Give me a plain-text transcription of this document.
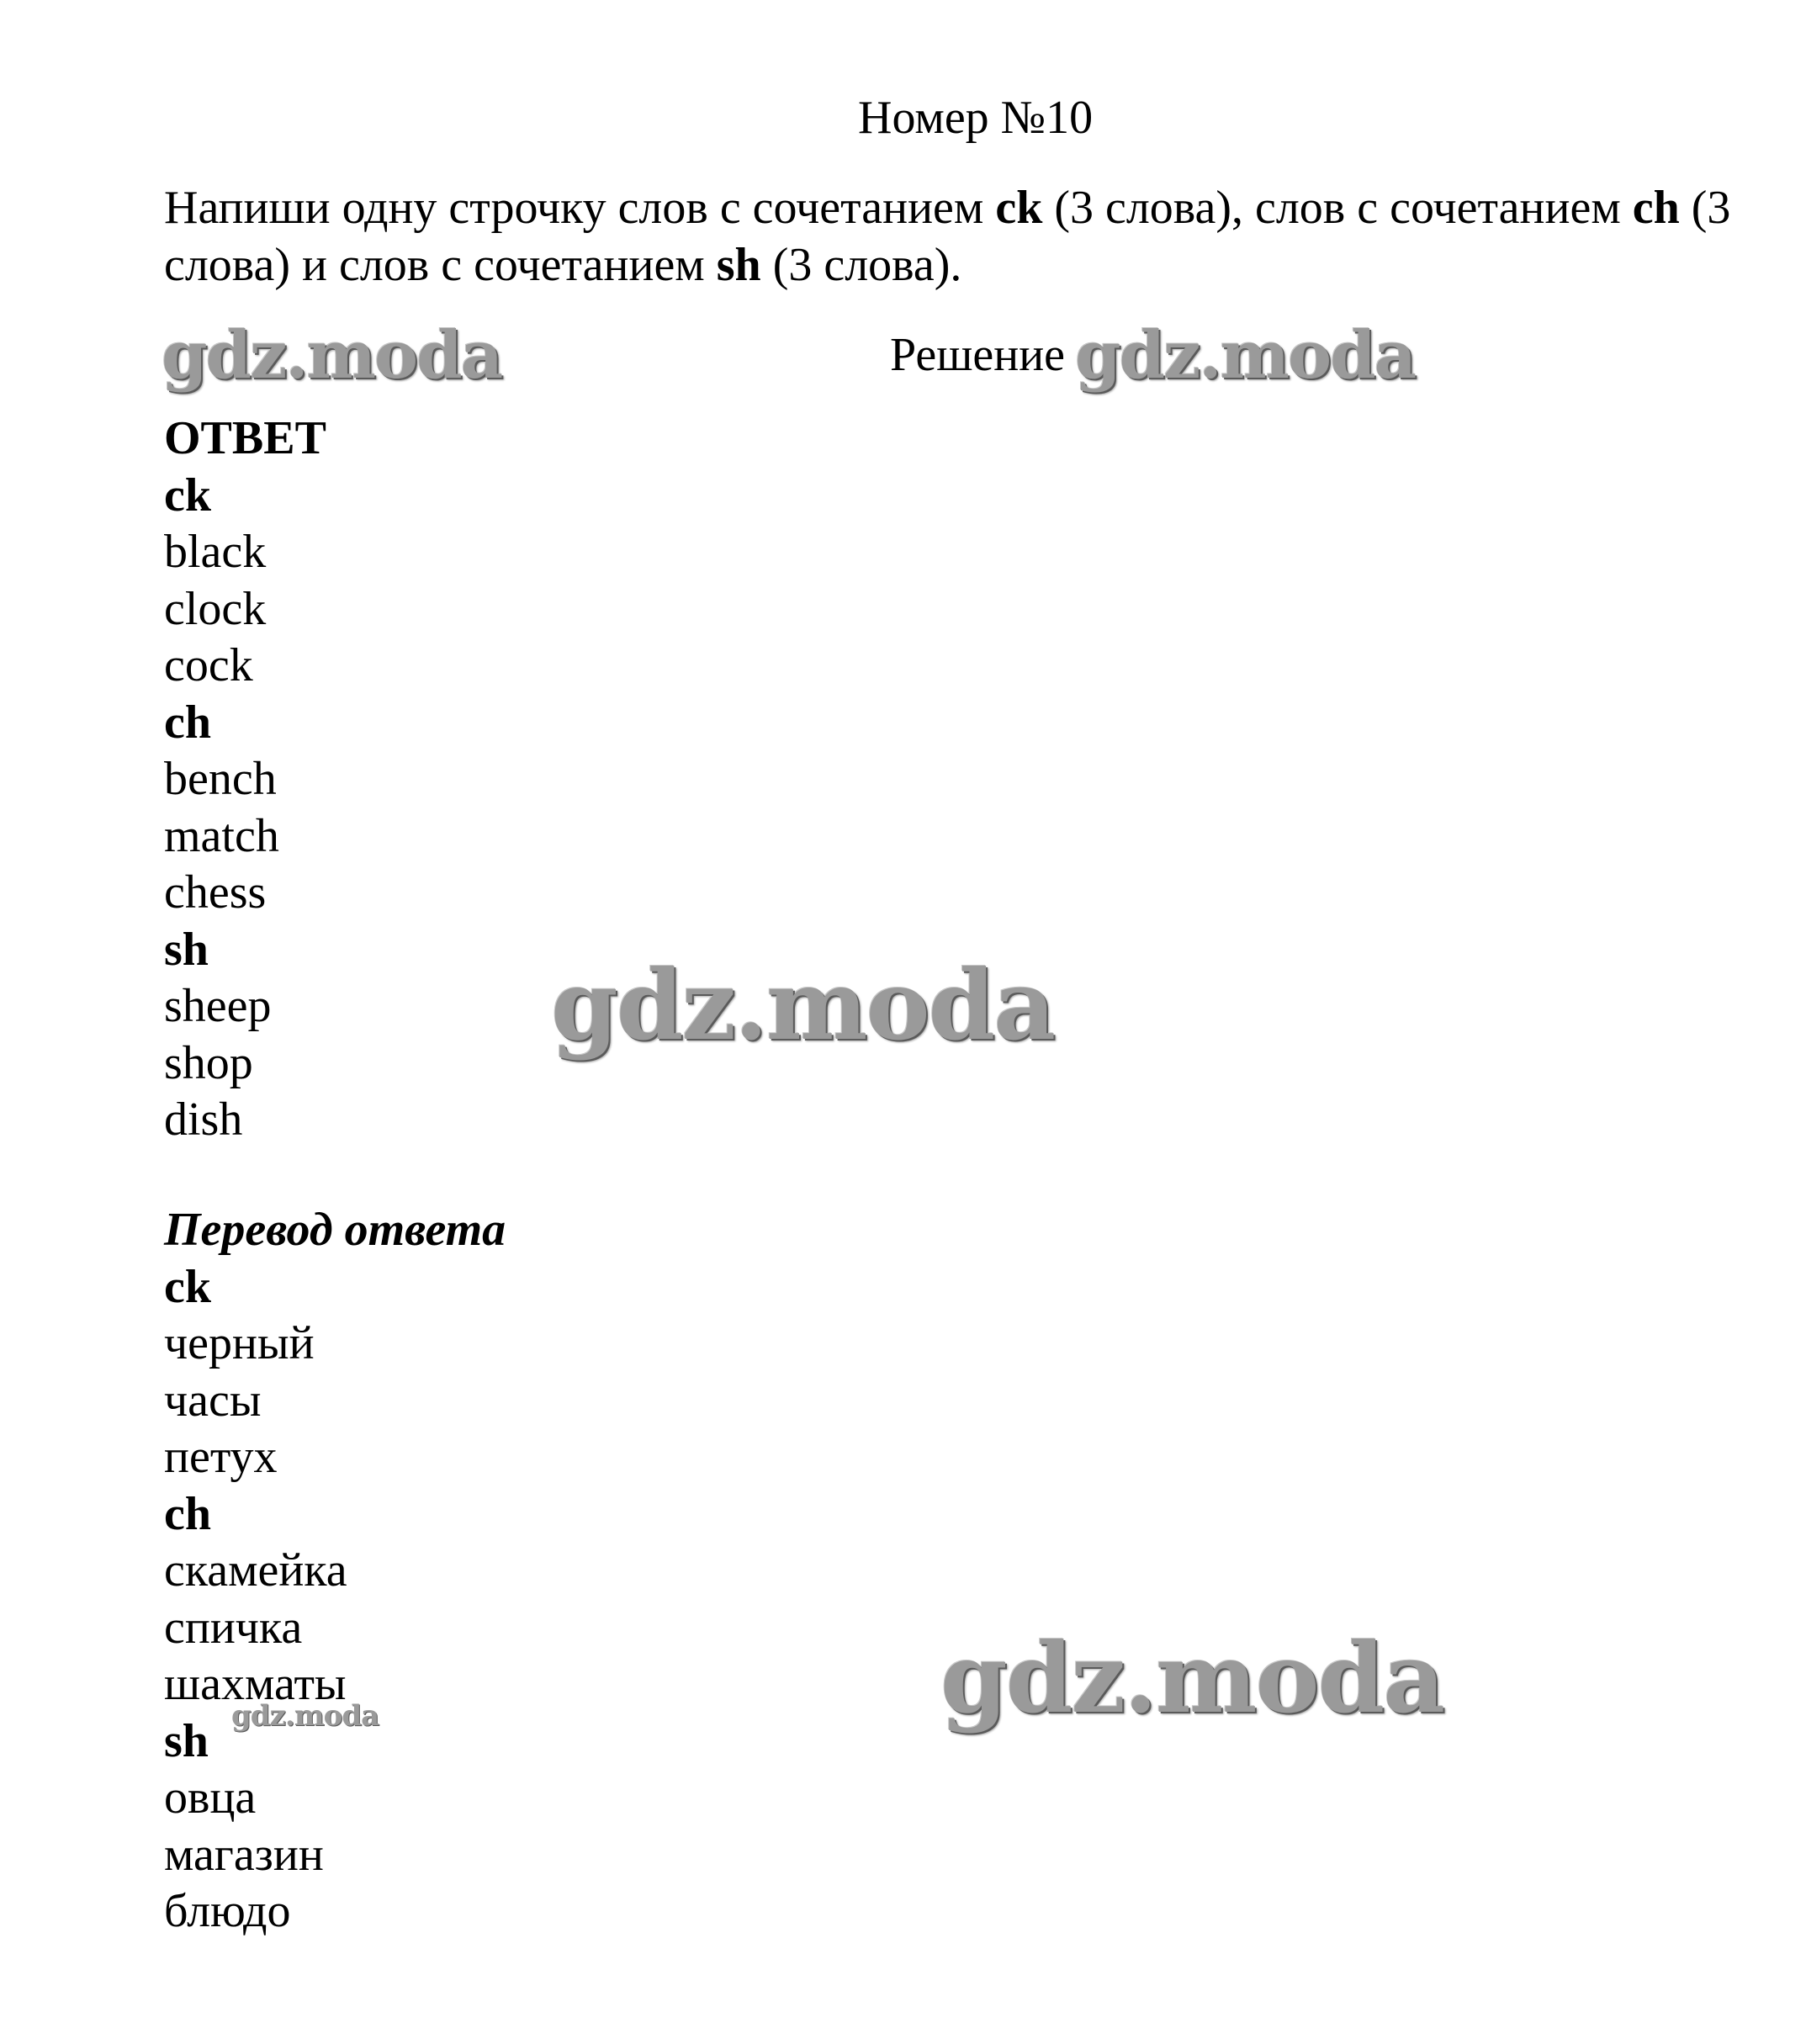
Номер №10
Напиши одну строчку слов с сочетанием ck (3 слова), слов с сочетанием ch (3 слова) и слов с сочетанием sh (3 слова).
Решение
gdz.moda	gdz.moda
gdz.moda
gdz.moda
gdz.moda
ОТВЕТ
ck
black
clock
cock
ch
bench
match
chess
sh
sheep
shop
dish
Перевод ответа
ck
черный
часы
петух
ch
скамейка
спичка
шахматы
sh
овца
магазин
блюдо
